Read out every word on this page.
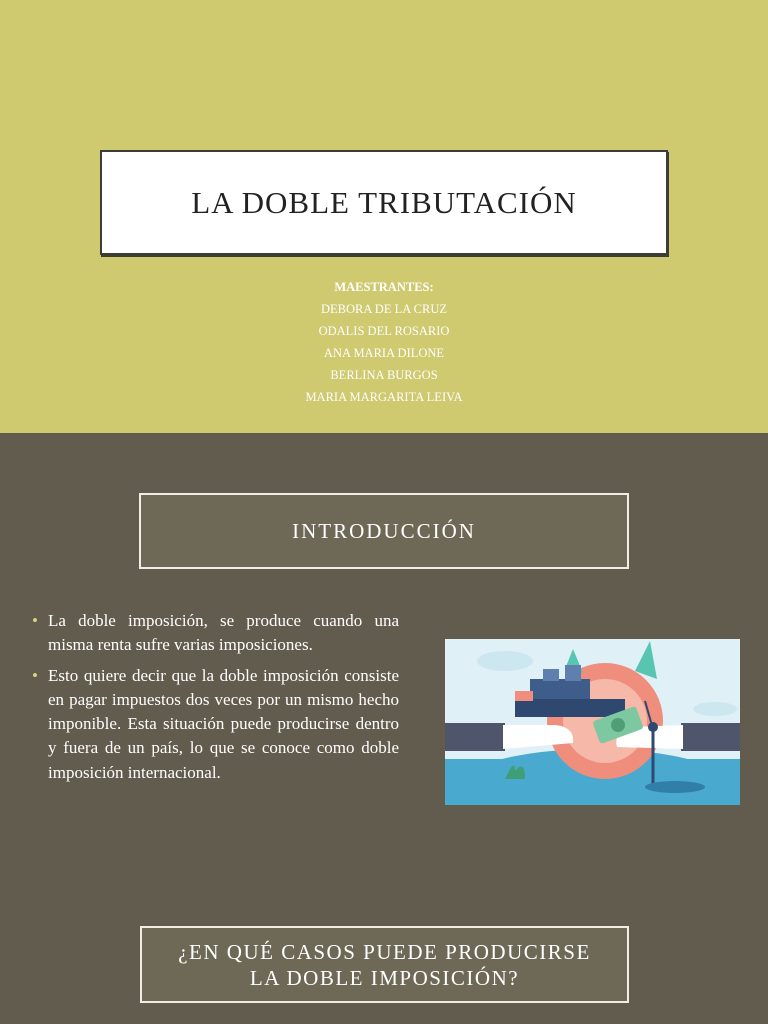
LA DOBLE TRIBUTACIÓN
MAESTRANTES:
DEBORA DE LA CRUZ
ODALIS DEL ROSARIO
ANA MARIA DILONE
BERLINA BURGOS
MARIA MARGARITA LEIVA
INTRODUCCIÓN
• La doble imposición, se produce cuando una misma renta sufre varias imposiciones.
• Esto quiere decir que la doble imposición consiste en pagar impuestos dos veces por un mismo hecho imponible. Esta situación puede producirse dentro y fuera de un país, lo que se conoce como doble imposición internacional.
¿EN QUÉ CASOS PUEDE PRODUCIRSE
LA DOBLE IMPOSICIÓN?
